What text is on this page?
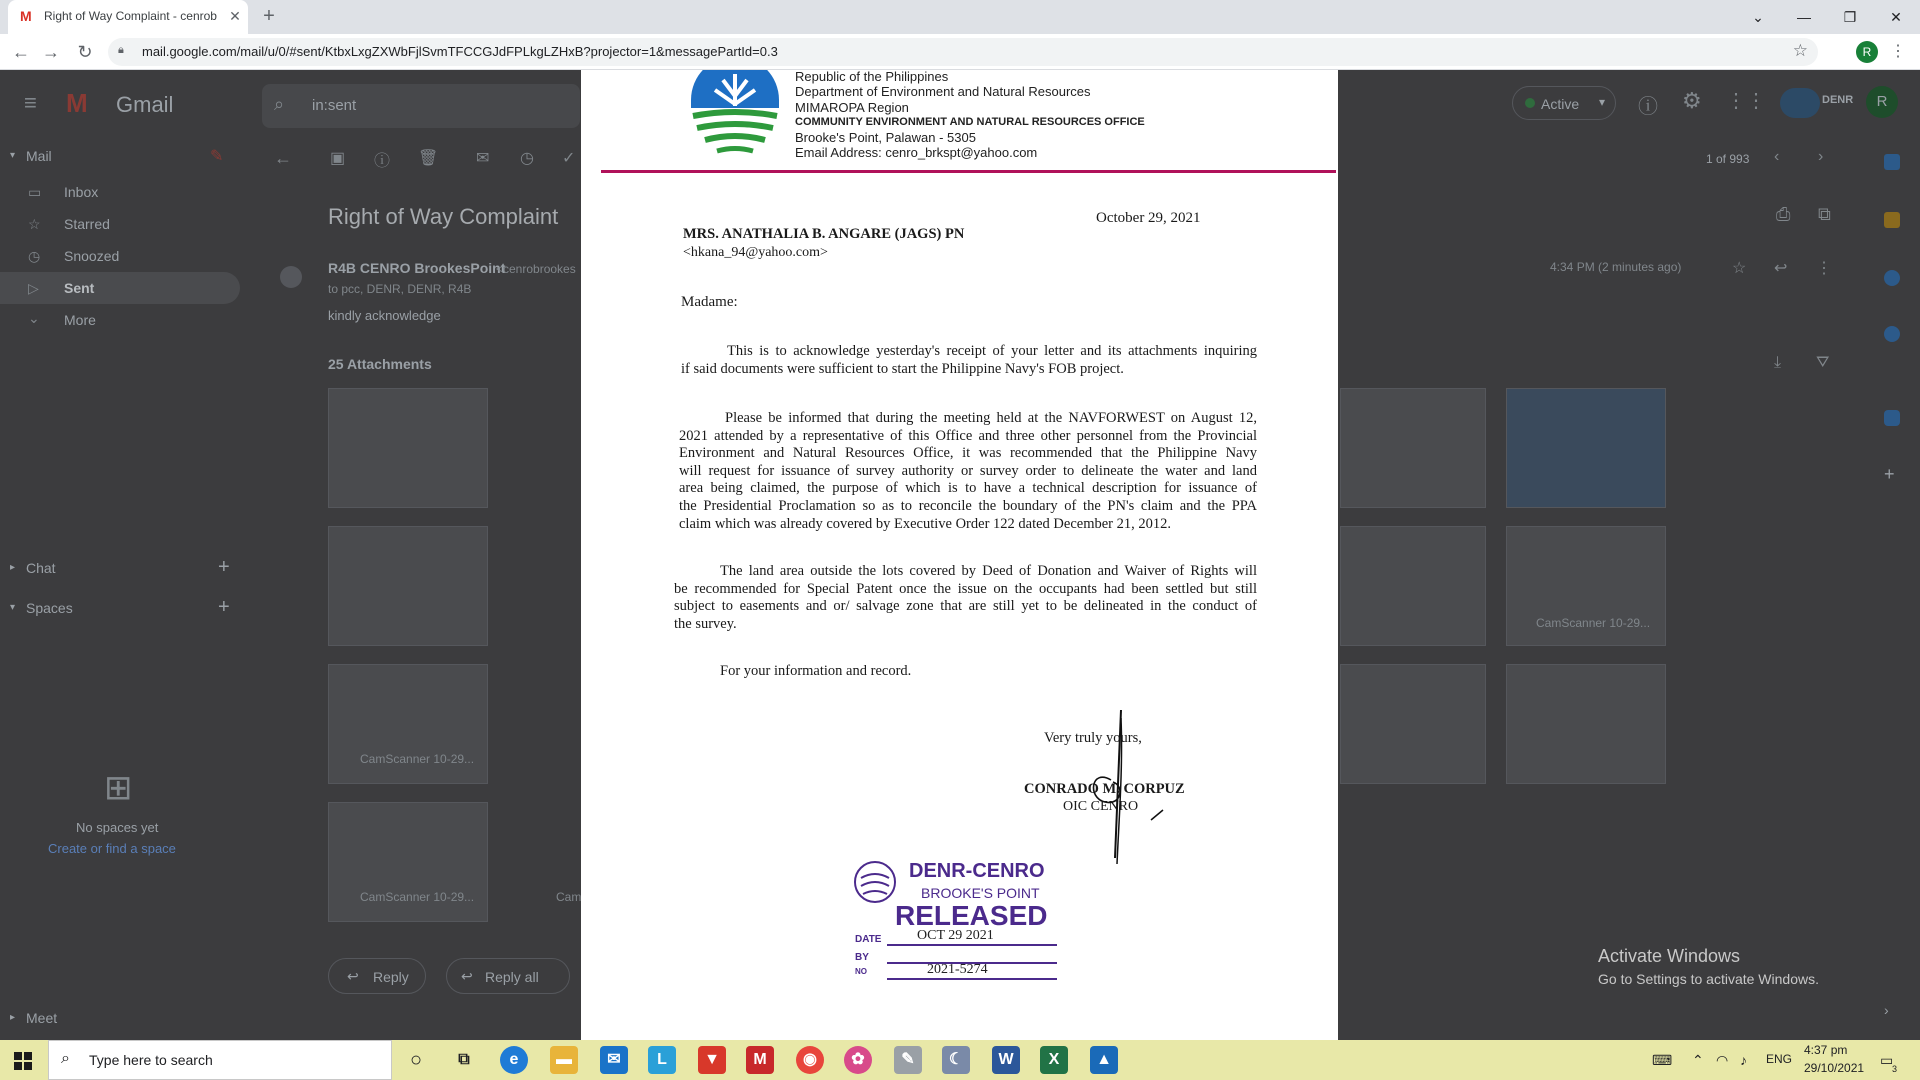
M	Right of Way Complaint - cenrob ✕ +	⌄	—	❐	✕
← → ↻	🔒︎	mail.google.com/mail/u/0/#sent/KtbxLxgZXWbFjlSvmTFCCGJdFPLkgLZHxB?projector=1&messagePartId=0.3	☆	R	⋮
≡ M Gmail	⌕ in:sent	Active ▾ ⓘ ⚙ ⋮⋮	DENR	R
▾ Mail	✎
▭ Inbox
☆ Starred
◷ Snoozed
▷ Sent
⌄ More
▸ Chat	+
▾ Spaces	+
⊞
No spaces yet
Create or find a space
▸ Meet
← ▣ ⓘ 🗑︎ ✉ ◷ ✓	1 of 993 ‹ ›
Right of Way Complaint	⎙ ⧉
R4B CENRO BrookesPoint
<cenrobrookes
to pcc, DENR, DENR, R4B
kindly acknowledge
4:34 PM (2 minutes ago)	☆ ↩ ⋮
25 Attachments	⤓ ⛛
CamScanner 10-29...
CamScanner 10-29...	Cam
CamScanner 10-29...
↩ Reply	↩ Reply all
+
›
Republic of the Philippines
Department of Environment and Natural Resources
MIMAROPA Region
COMMUNITY ENVIRONMENT AND NATURAL RESOURCES OFFICE
Brooke's Point, Palawan - 5305
Email Address: cenro_brkspt@yahoo.com
October 29, 2021
MRS. ANATHALIA B. ANGARE (JAGS) PN
<hkana_94@yahoo.com>
Madame:
This is to acknowledge yesterday's receipt of your letter and its attachments inquiring
if said documents were sufficient to start the Philippine Navy's FOB project.
Please be informed that during the meeting held at the NAVFORWEST on August 12,
2021 attended by a representative of this Office and three other personnel from the Provincial
Environment and Natural Resources Office, it was recommended that the Philippine Navy
will request for issuance of survey authority or survey order to delineate the water and land
area being claimed, the purpose of which is to have a technical description for issuance of
the Presidential Proclamation so as to reconcile the boundary of the PN's claim and the PPA
claim which was already covered by Executive Order 122 dated December 21, 2012.
The land area outside the lots covered by Deed of Donation and Waiver of Rights will
be recommended for Special Patent once the issue on the occupants had been settled but still
subject to easements and or/ salvage zone that are still yet to be delineated in the conduct of
the survey.
For your information and record.
Very truly yours,
CONRADO M. CORPUZ
OIC CENRO
DENR-CENRO
BROOKE'S POINT
RELEASED
DATE	OCT 29 2021
BY
NO	2021-5274
Activate Windows
Go to Settings to activate Windows.
⌕ Type here to search	○	⧉	e	▬	✉	L	▼	M	◉	✿	✎	☾	W	X	▲	⌨ ⌃ ◠ ♪ ENG
4:37 pm
29/10/2021 ▭
3
